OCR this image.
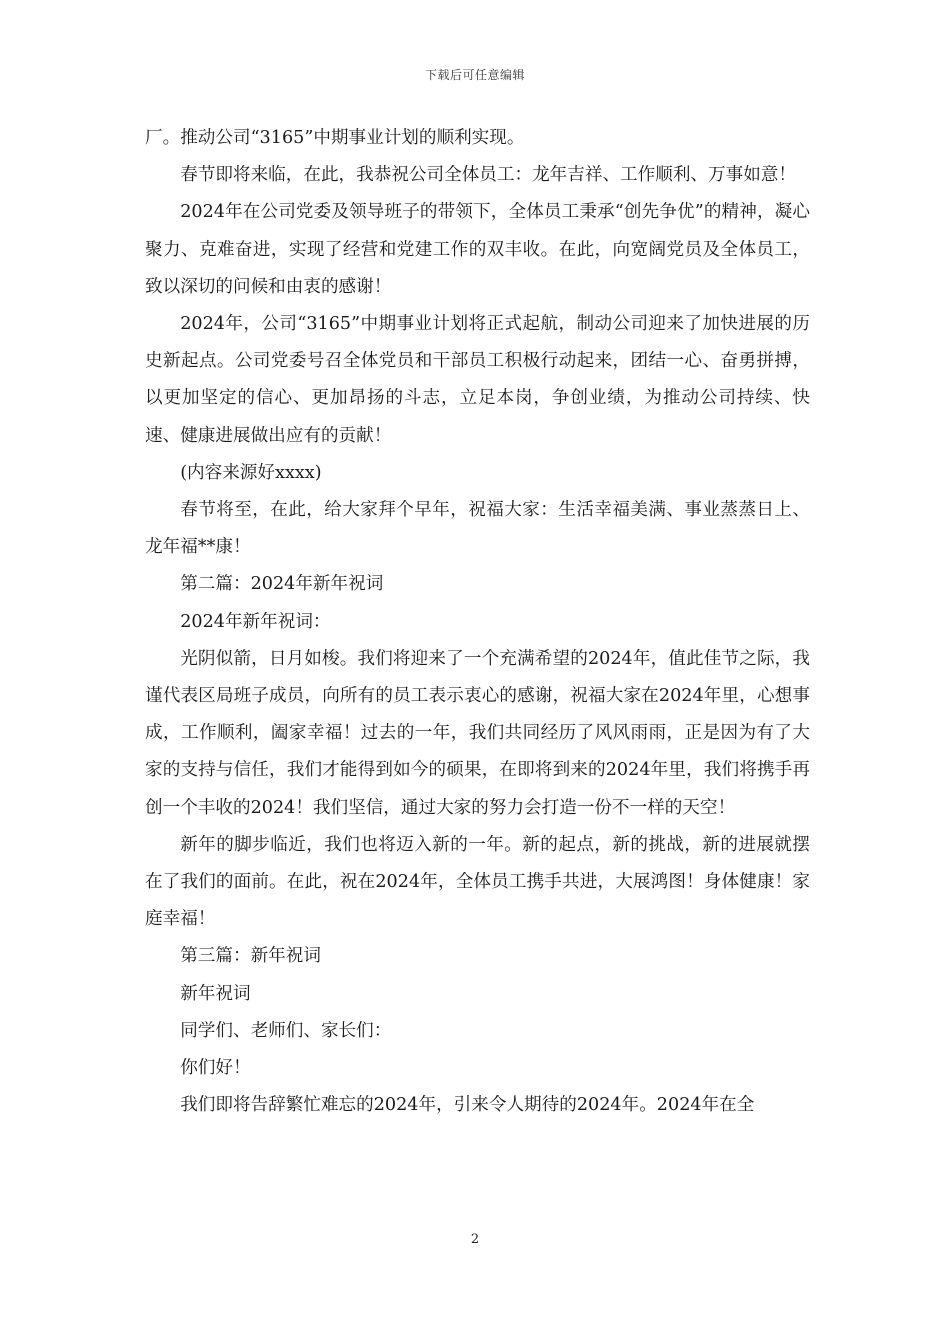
下载后可任意编辑

厂。推动公司“3165”中期事业计划的顺利实现。

春节即将来临，在此，我恭祝公司全体员工：龙年吉祥、工作顺利、万事如意！

2024年在公司党委及领导班子的带领下，全体员工秉承“创先争优”的精神，凝心聚力、克难奋进，实现了经营和党建工作的双丰收。在此，向宽阔党员及全体员工，致以深切的问候和由衷的感谢！

2024年，公司“3165”中期事业计划将正式起航，制动公司迎来了加快进展的历史新起点。公司党委号召全体党员和干部员工积极行动起来，团结一心、奋勇拼搏，以更加坚定的信心、更加昂扬的斗志，立足本岗，争创业绩，为推动公司持续、快速、健康进展做出应有的贡献！

(内容来源好xxxx)

春节将至，在此，给大家拜个早年，祝福大家：生活幸福美满、事业蒸蒸日上、龙年福**康！

第二篇：2024年新年祝词

2024年新年祝词：

光阴似箭，日月如梭。我们将迎来了一个充满希望的2024年，值此佳节之际，我谨代表区局班子成员，向所有的员工表示衷心的感谢，祝福大家在2024年里，心想事成，工作顺利，阖家幸福！过去的一年，我们共同经历了风风雨雨，正是因为有了大家的支持与信任，我们才能得到如今的硕果，在即将到来的2024年里，我们将携手再创一个丰收的2024！我们坚信，通过大家的努力会打造一份不一样的天空！

新年的脚步临近，我们也将迈入新的一年。新的起点，新的挑战，新的进展就摆在了我们的面前。在此，祝在2024年，全体员工携手共进，大展鸿图！身体健康！家庭幸福！

第三篇：新年祝词

新年祝词

同学们、老师们、家长们：

你们好！

我们即将告辞繁忙难忘的2024年，引来令人期待的2024年。2024年在全

2
